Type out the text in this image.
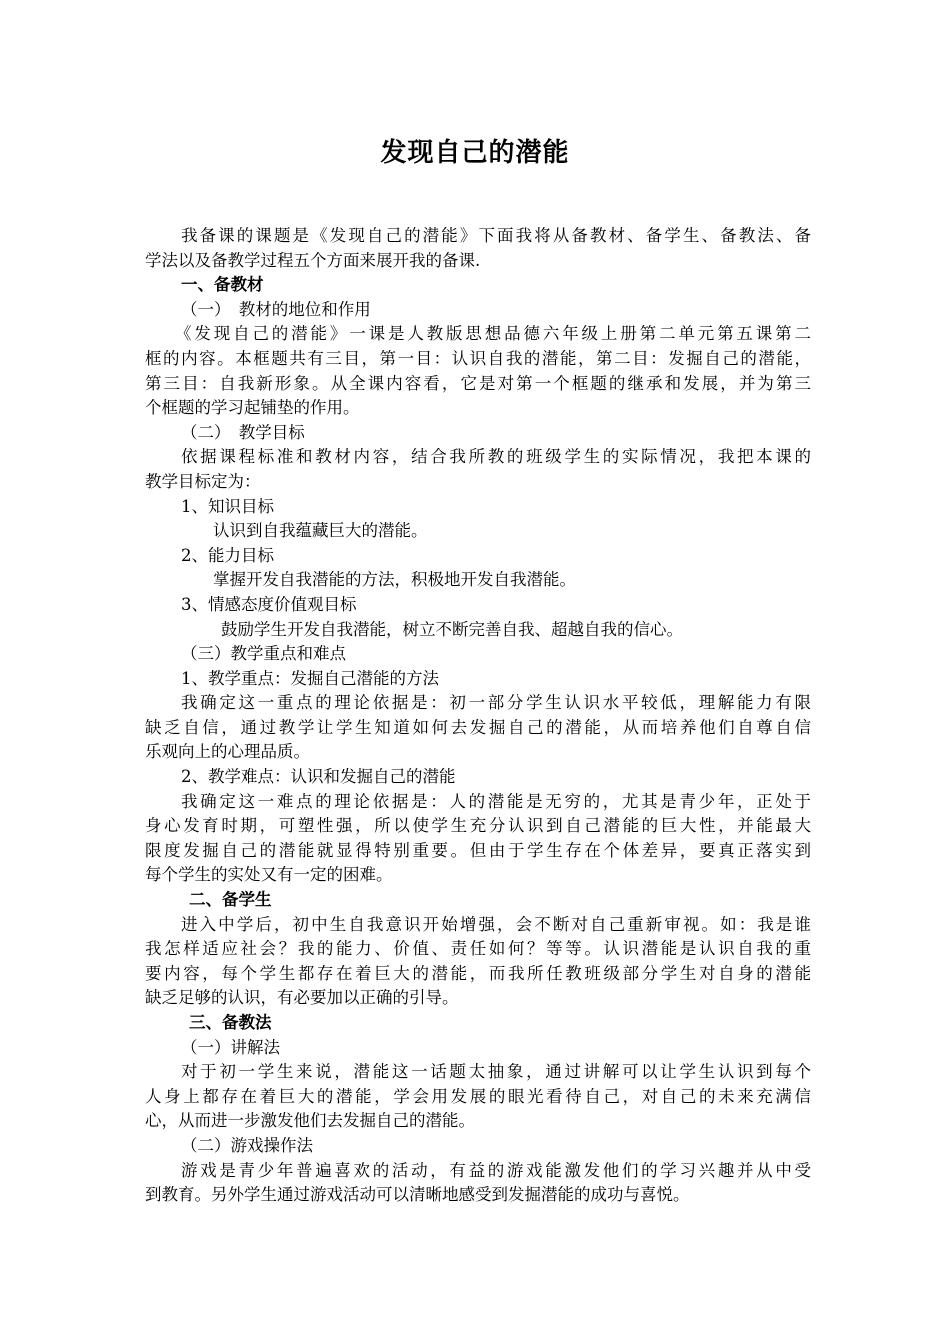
发现自己的潜能
我备课的课题是《发现自己的潜能》下面我将从备教材、备学生、备教法、备
学法以及备教学过程五个方面来展开我的备课.
一、备教材
（一）　教材的地位和作用
《发现自己的潜能》一课是人教版思想品德六年级上册第二单元第五课第二
框的内容。本框题共有三目，第一目：认识自我的潜能，第二目：发掘自己的潜能，
第三目：自我新形象。从全课内容看，它是对第一个框题的继承和发展，并为第三
个框题的学习起铺垫的作用。
（二）　教学目标
依据课程标准和教材内容，结合我所教的班级学生的实际情况，我把本课的
教学目标定为：
1、知识目标
认识到自我蕴藏巨大的潜能。
2、能力目标
掌握开发自我潜能的方法，积极地开发自我潜能。
3、情感态度价值观目标
鼓励学生开发自我潜能，树立不断完善自我、超越自我的信心。
（三）教学重点和难点
1、教学重点：发掘自己潜能的方法
我确定这一重点的理论依据是：初一部分学生认识水平较低，理解能力有限
缺乏自信，通过教学让学生知道如何去发掘自己的潜能，从而培养他们自尊自信
乐观向上的心理品质。
2、教学难点：认识和发掘自己的潜能
我确定这一难点的理论依据是：人的潜能是无穷的，尤其是青少年，正处于
身心发育时期，可塑性强，所以使学生充分认识到自己潜能的巨大性，并能最大
限度发掘自己的潜能就显得特别重要。但由于学生存在个体差异，要真正落实到
每个学生的实处又有一定的困难。
二、备学生
进入中学后，初中生自我意识开始增强，会不断对自己重新审视。如：我是谁
我怎样适应社会？我的能力、价值、责任如何？等等。认识潜能是认识自我的重
要内容，每个学生都存在着巨大的潜能，而我所任教班级部分学生对自身的潜能
缺乏足够的认识，有必要加以正确的引导。
三、备教法
（一）讲解法
对于初一学生来说，潜能这一话题太抽象，通过讲解可以让学生认识到每个
人身上都存在着巨大的潜能，学会用发展的眼光看待自己，对自己的未来充满信
心，从而进一步激发他们去发掘自己的潜能。
（二）游戏操作法
游戏是青少年普遍喜欢的活动，有益的游戏能激发他们的学习兴趣并从中受
到教育。另外学生通过游戏活动可以清晰地感受到发掘潜能的成功与喜悦。
